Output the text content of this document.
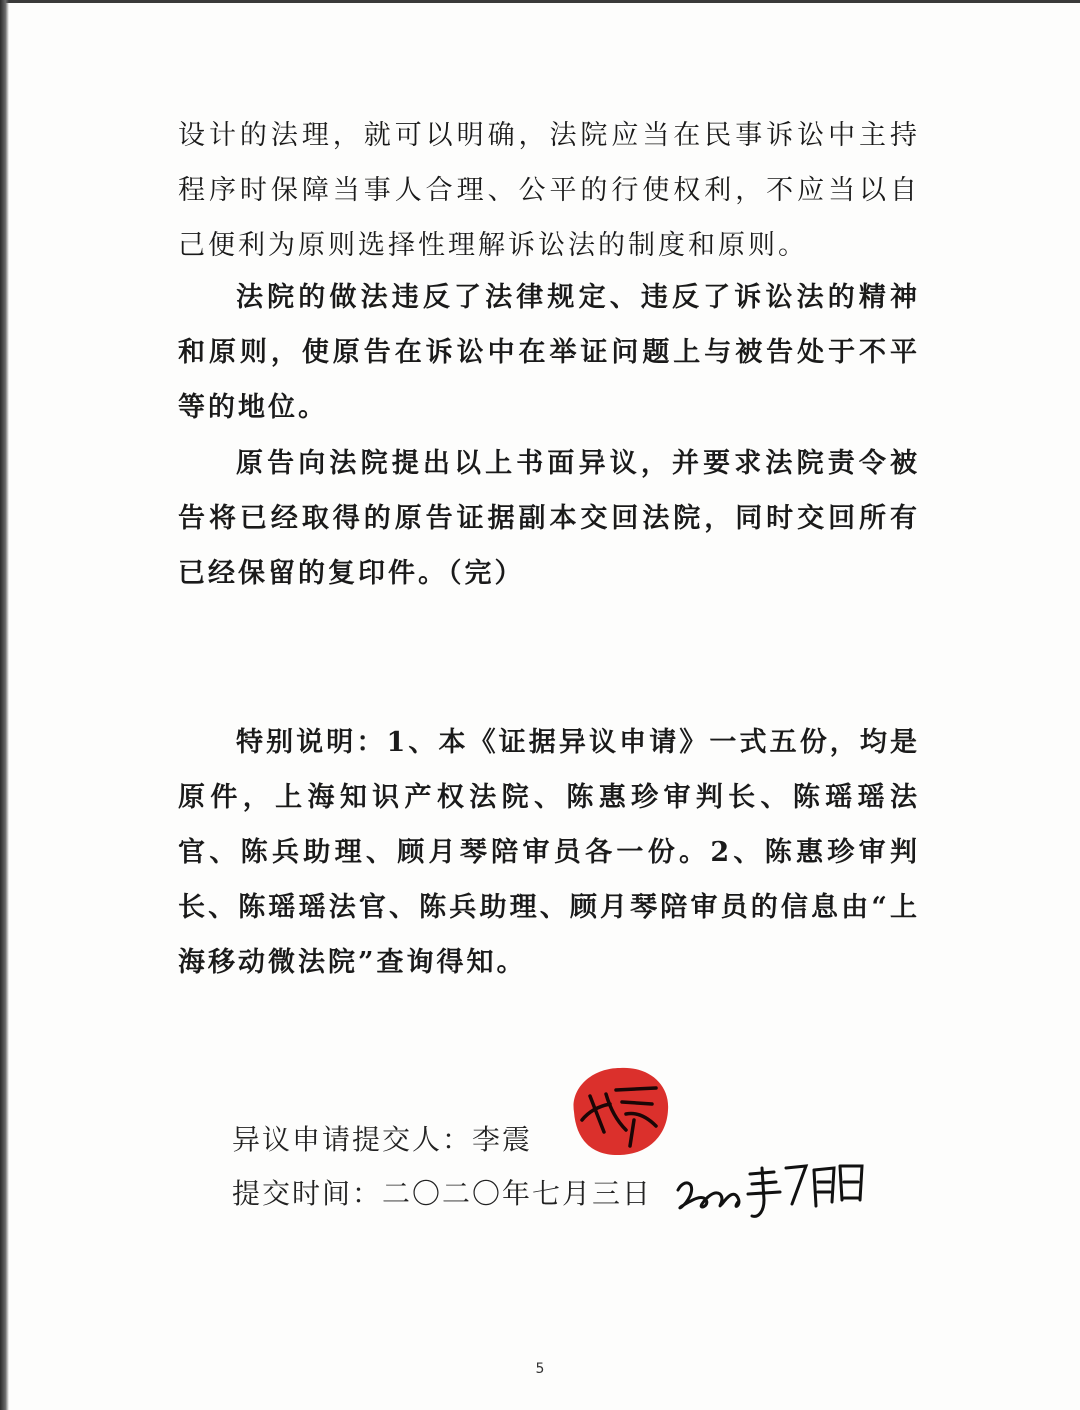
设计的法理，就可以明确，法院应当在民事诉讼中主持程序时保障当事人合理、公平的行使权利，不应当以自己便利为原则选择性理解诉讼法的制度和原则。

法院的做法违反了法律规定、违反了诉讼法的精神和原则，使原告在诉讼中在举证问题上与被告处于不平等的地位。

原告向法院提出以上书面异议，并要求法院责令被告将已经取得的原告证据副本交回法院，同时交回所有已经保留的复印件。（完）

特别说明：1、本《证据异议申请》一式五份，均是原件，上海知识产权法院、陈惠珍审判长、陈瑶瑶法官、陈兵助理、顾月琴陪审员各一份。2、陈惠珍审判长、陈瑶瑶法官、陈兵助理、顾月琴陪审员的信息由“上海移动微法院”查询得知。

异议申请提交人：李震
提交时间：二〇二〇年七月三日
5
